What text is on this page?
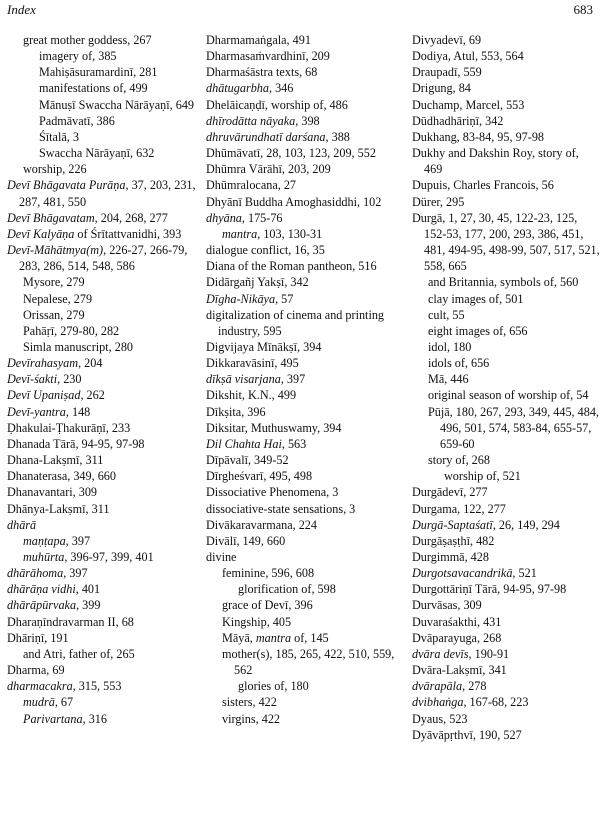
Index	683
great mother goddess, 267
imagery of, 385
Mahiṣāsuramardinī, 281
manifestations of, 499
Mānuṣī Swaccha Nārāyaṇī, 649
Padmāvatī, 386
Śītalā, 3
Swaccha Nārāyaṇī, 632
worship, 226
Devī Bhāgavata Purāṇa, 37, 203, 231, 287, 481, 550
Devī Bhāgavatam, 204, 268, 277
Devī Kalyāṇa of Śrītattvanidhi, 393
Devī-Māhātmya(m), 226-27, 266-79, 283, 286, 514, 548, 586
Mysore, 279
Nepalese, 279
Orissan, 279
Pahāṛī, 279-80, 282
Simla manuscript, 280
Devīrahasyam, 204
Devī-śakti, 230
Devī Upaniṣad, 262
Devī-yantra, 148
Ḍhakulai-Ṭhakurāṇī, 233
Dhanada Tārā, 94-95, 97-98
Dhana-Lakṣmī, 311
Dhanaterasa, 349, 660
Dhanavantari, 309
Dhānya-Lakṣmī, 311
dhārā
maṇṭapa, 397
muhūrta, 396-97, 399, 401
dhārāhoma, 397
dhārāṇa vidhi, 401
dhārāpūrvaka, 399
Dharaṇīndravarman II, 68
Dhāriṇī, 191
and Atri, father of, 265
Dharma, 69
dharmacakra, 315, 553
mudrā, 67
Parivartana, 316
Dharmamaṅgala, 491
Dharmasaṁvardhinī, 209
Dharmaśāstra texts, 68
dhātugarbha, 346
Dhelāicaṇḍī, worship of, 486
dhīrodātta nāyaka, 398
dhruvārundhatī darśana, 388
Dhūmāvatī, 28, 103, 123, 209, 552
Dhūmra Vārāhī, 203, 209
Dhūmralocana, 27
Dhyānī Buddha Amoghasiddhi, 102
dhyāna, 175-76
mantra, 103, 130-31
dialogue conflict, 16, 35
Diana of the Roman pantheon, 516
Didārgañj Yakṣī, 342
Dīgha-Nikāya, 57
digitalization of cinema and printing industry, 595
Digvijaya Mīnākṣī, 394
Dikkaravāsinī, 495
dīkṣā visarjana, 397
Dikshit, K.N., 499
Dīkṣita, 396
Diksitar, Muthuswamy, 394
Dil Chahta Hai, 563
Dīpāvalī, 349-52
Dīrgheśvarī, 495, 498
Dissociative Phenomena, 3
dissociative-state sensations, 3
Divākaravarmana, 224
Divālī, 149, 660
divine
feminine, 596, 608
glorification of, 598
grace of Devī, 396
Kingship, 405
Māyā, mantra of, 145
mother(s), 185, 265, 422, 510, 559, 562
glories of, 180
sisters, 422
virgins, 422
Divyadevī, 69
Dodiya, Atul, 553, 564
Draupadī, 559
Drigung, 84
Duchamp, Marcel, 553
Dūdhadhāriṇī, 342
Dukhang, 83-84, 95, 97-98
Dukhy and Dakshin Roy, story of, 469
Dupuis, Charles Francois, 56
Dürer, 295
Durgā, 1, 27, 30, 45, 122-23, 125, 152-53, 177, 200, 293, 386, 451, 481, 494-95, 498-99, 507, 517, 521, 558, 665
and Britannia, symbols of, 560
clay images of, 501
cult, 55
eight images of, 656
idol, 180
idols of, 656
Mā, 446
original season of worship of, 54
Pūjā, 180, 267, 293, 349, 445, 484, 496, 501, 574, 583-84, 655-57, 659-60
story of, 268
worship of, 521
Durgādevī, 277
Durgama, 122, 277
Durgā-Saptaśatī, 26, 149, 294
Durgāṣaṣṭhī, 482
Durgimmā, 428
Durgotsavacandrikā, 521
Durgottāriṇī Tārā, 94-95, 97-98
Durvāsas, 309
Duvaraśakthi, 431
Dvāparayuga, 268
dvāra devīs, 190-91
Dvāra-Lakṣmī, 341
dvārapāla, 278
dvibhaṅga, 167-68, 223
Dyaus, 523
Dyāvāpṛthvī, 190, 527
